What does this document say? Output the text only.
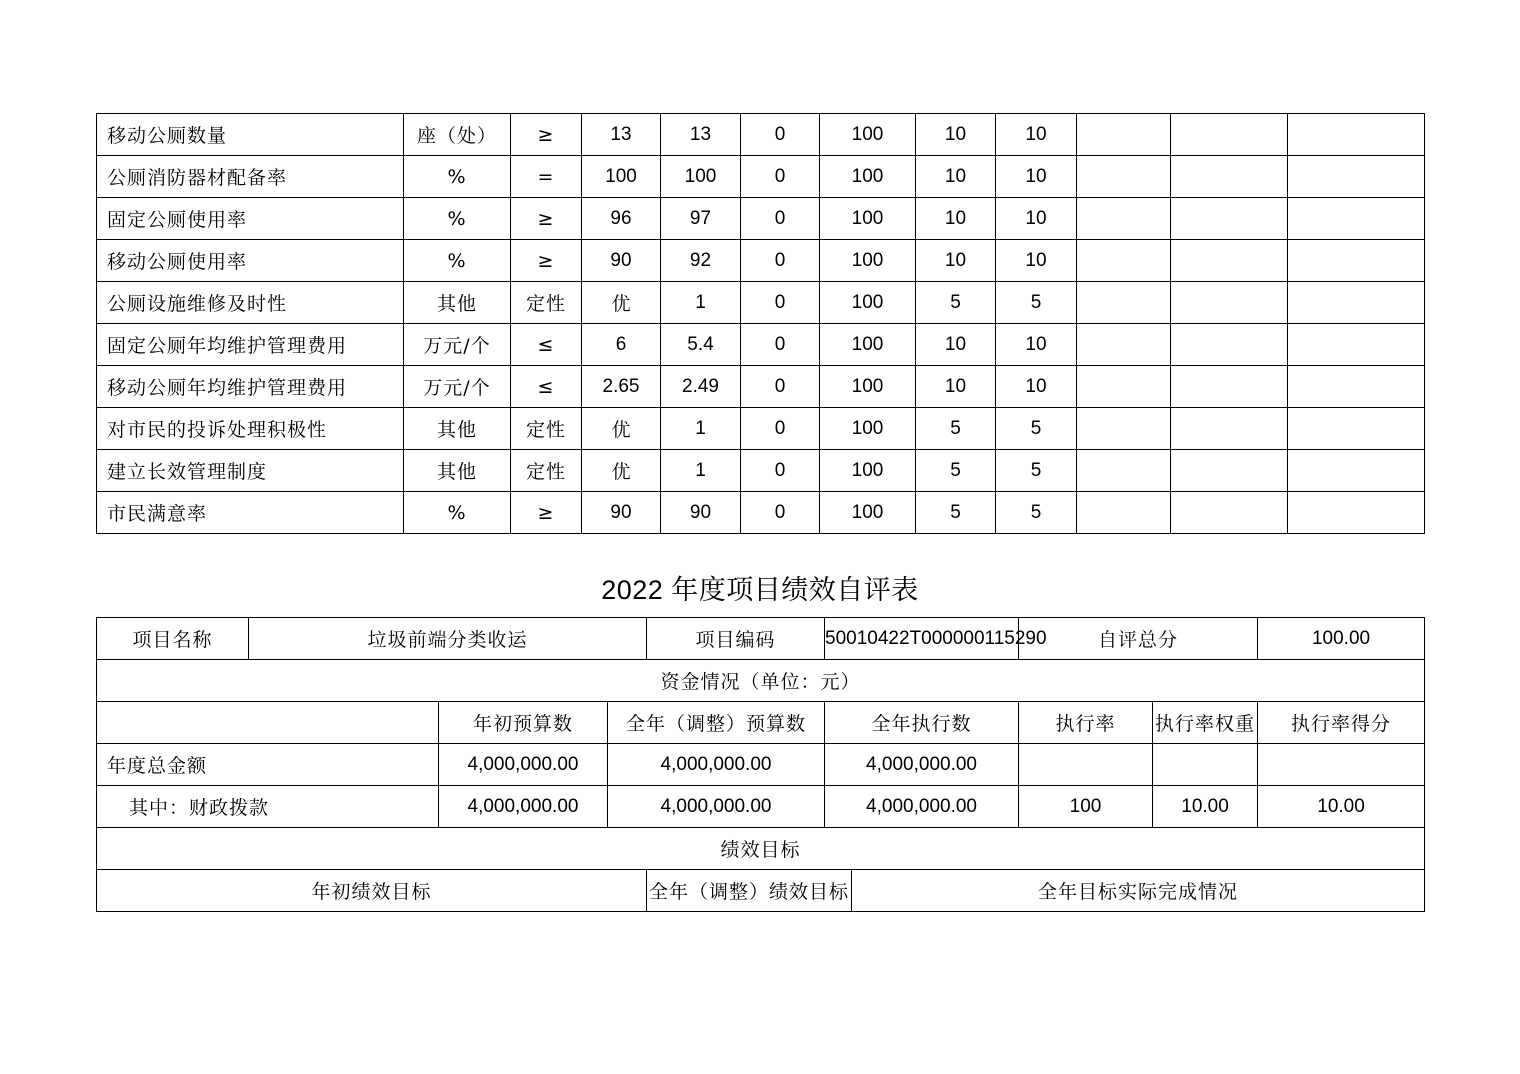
移动公厕数量	座（处）	≥	13	13	0	100	10	10			
公厕消防器材配备率	%	=	100	100	0	100	10	10			
固定公厕使用率	%	≥	96	97	0	100	10	10			
移动公厕使用率	%	≥	90	92	0	100	10	10			
公厕设施维修及时性	其他	定性	优	1	0	100	5	5			
固定公厕年均维护管理费用	万元/个	≤	6	5.4	0	100	10	10			
移动公厕年均维护管理费用	万元/个	≤	2.65	2.49	0	100	10	10			
对市民的投诉处理积极性	其他	定性	优	1	0	100	5	5			
建立长效管理制度	其他	定性	优	1	0	100	5	5			
市民满意率	%	≥	90	90	0	100	5	5			
2022 年度项目绩效自评表
项目名称	垃圾前端分类收运			项目编码	50010422T000000115290		自评总分		100.00
资金情况（单位：元）									
		年初预算数	全年（调整）预算数		全年执行数		执行率	执行率权重	执行率得分
年度总金额		4,000,000.00	4,000,000.00		4,000,000.00				
其中：财政拨款		4,000,000.00	4,000,000.00		4,000,000.00		100	10.00	10.00
绩效目标									
年初绩效目标				全年（调整）绩效目标		全年目标实际完成情况			
